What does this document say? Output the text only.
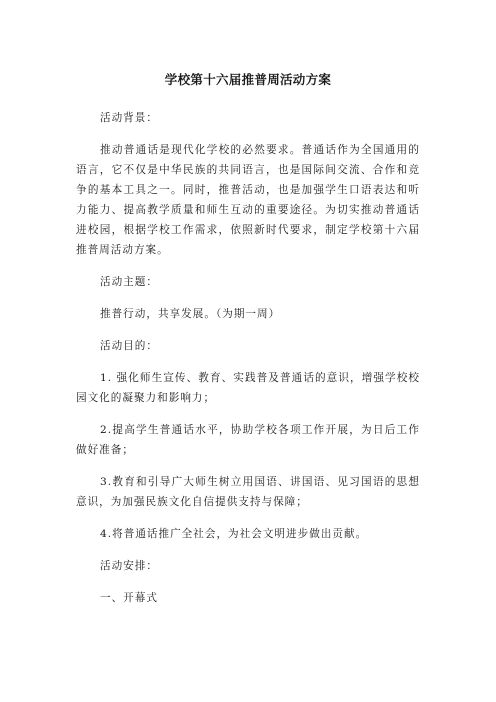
学校第十六届推普周活动方案

活动背景：

推动普通话是现代化学校的必然要求。普通话作为全国通用的语言，它不仅是中华民族的共同语言，也是国际间交流、合作和竞争的基本工具之一。同时，推普活动，也是加强学生口语表达和听力能力、提高教学质量和师生互动的重要途径。为切实推动普通话进校园，根据学校工作需求，依照新时代要求，制定学校第十六届推普周活动方案。

活动主题：

推普行动，共享发展。（为期一周）

活动目的：

1. 强化师生宣传、教育、实践普及普通话的意识，增强学校校园文化的凝聚力和影响力；

2.提高学生普通话水平，协助学校各项工作开展，为日后工作做好准备；

3.教育和引导广大师生树立用国语、讲国语、见习国语的思想意识，为加强民族文化自信提供支持与保障；

4.将普通话推广全社会，为社会文明进步做出贡献。

活动安排：

一、开幕式
